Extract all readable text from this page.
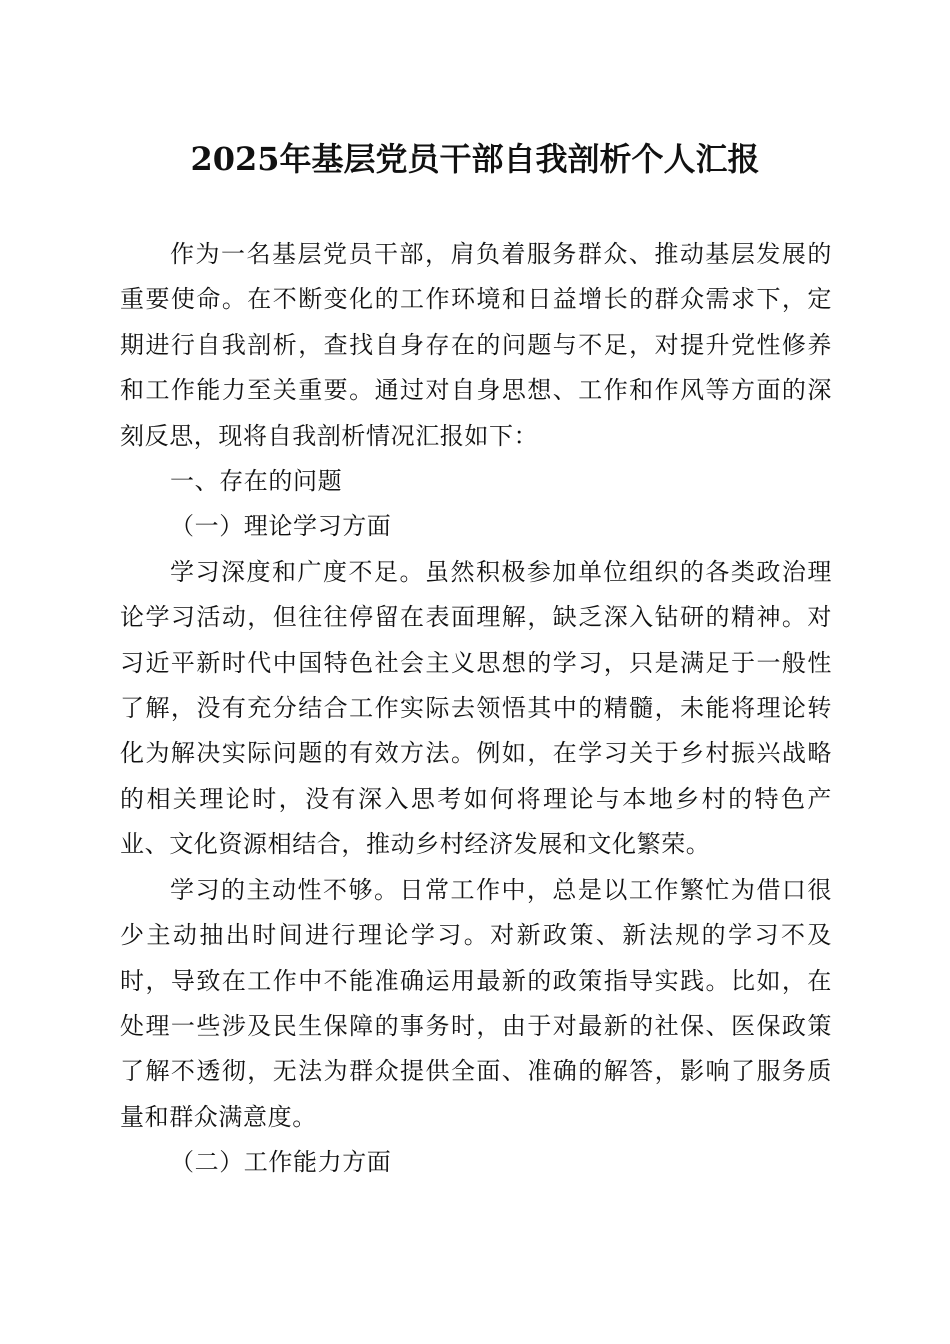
2025年基层党员干部自我剖析个人汇报

作为一名基层党员干部，肩负着服务群众、推动基层发展的重要使命。在不断变化的工作环境和日益增长的群众需求下，定期进行自我剖析，查找自身存在的问题与不足，对提升党性修养和工作能力至关重要。通过对自身思想、工作和作风等方面的深刻反思，现将自我剖析情况汇报如下：

一、存在的问题

（一）理论学习方面

学习深度和广度不足。虽然积极参加单位组织的各类政治理论学习活动，但往往停留在表面理解，缺乏深入钻研的精神。对习近平新时代中国特色社会主义思想的学习，只是满足于一般性了解，没有充分结合工作实际去领悟其中的精髓，未能将理论转化为解决实际问题的有效方法。例如，在学习关于乡村振兴战略的相关理论时，没有深入思考如何将理论与本地乡村的特色产业、文化资源相结合，推动乡村经济发展和文化繁荣。

学习的主动性不够。日常工作中，总是以工作繁忙为借口很少主动抽出时间进行理论学习。对新政策、新法规的学习不及时，导致在工作中不能准确运用最新的政策指导实践。比如，在处理一些涉及民生保障的事务时，由于对最新的社保、医保政策了解不透彻，无法为群众提供全面、准确的解答，影响了服务质量和群众满意度。

（二）工作能力方面
